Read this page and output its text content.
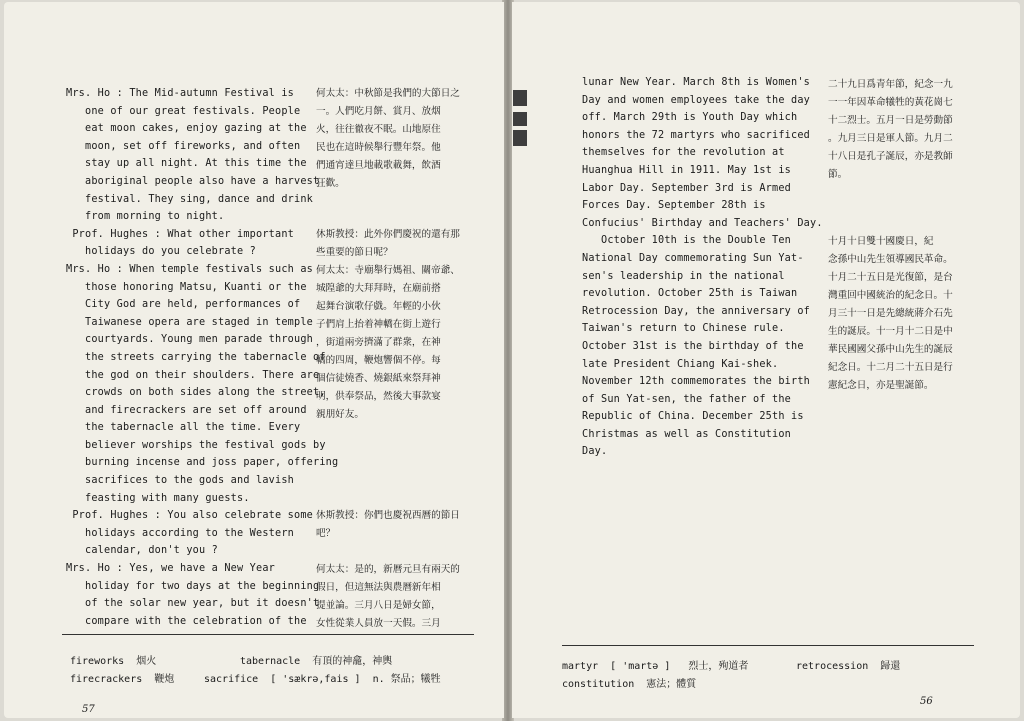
Mrs. Ho : The Mid-autumn Festival is
one of our great festivals. People
eat moon cakes, enjoy gazing at the
moon, set off fireworks, and often
stay up all night. At this time the
aboriginal people also have a harvest
festival. They sing, dance and drink
from morning to night.
Prof. Hughes : What other important
holidays do you celebrate ?
Mrs. Ho : When temple festivals such as
those honoring Matsu, Kuanti or the
City God are held, performances of
Taiwanese opera are staged in temple
courtyards. Young men parade through
the streets carrying the tabernacle of
the god on their shoulders. There are
crowds on both sides along the street,
and firecrackers are set off around
the tabernacle all the time. Every
believer worships the festival gods by
burning incense and joss paper, offering
sacrifices to the gods and lavish
feasting with many guests.
Prof. Hughes : You also celebrate some
holidays according to the Western
calendar, don't you ?
Mrs. Ho : Yes, we have a New Year
holiday for two days at the beginning
of the solar new year, but it doesn't
compare with the celebration of the
何太太：中秋節是我們的大節日之
一。人們吃月餅、賞月、放烟
火，往往徹夜不眠。山地原住
民也在這時候舉行豐年祭。他
們通宵達旦地載歌載舞，飲酒
狂歡。
休斯教授：此外你們慶祝的還有那
些重要的節日呢？
何太太：寺廟舉行媽祖、關帝爺、
城隍爺的大拜拜時，在廟前搭
起舞台演歌仔戲。年輕的小伙
子們肩上抬着神轎在街上遊行
，街道兩旁擠滿了群衆，在神
轎的四周，鞭炮響個不停。每
個信徒燒香、燒銀紙來祭拜神
明，供奉祭品，然後大事款宴
親朋好友。
休斯教授：你們也慶祝西曆的節日
吧？
何太太：是的，新曆元旦有兩天的
假日，但這無法與農曆新年相
提並論。三月八日是婦女節，
女性從業人員放一天假。三月
fireworks  烟火
firecrackers  鞭炮
tabernacle  有頂的神龕，神輿
sacrifice  [ 'sækrə,fais ]  n. 祭品；犧牲
57
lunar New Year. March 8th is Women's
Day and women employees take the day
off. March 29th is Youth Day which
honors the 72 martyrs who sacrificed
themselves for the revolution at
Huanghua Hill in 1911. May 1st is
Labor Day. September 3rd is Armed
Forces Day. September 28th is
Confucius' Birthday and Teachers' Day.
October 10th is the Double Ten
National Day commemorating Sun Yat-
sen's leadership in the national
revolution. October 25th is Taiwan
Retrocession Day, the anniversary of
Taiwan's return to Chinese rule.
October 31st is the birthday of the
late President Chiang Kai-shek.
November 12th commemorates the birth
of Sun Yat-sen, the father of the
Republic of China. December 25th is
Christmas as well as Constitution
Day.
二十九日爲青年節，紀念一九
一一年因革命犧牲的黃花崗七
十二烈士。五月一日是勞動節
。九月三日是軍人節。九月二
十八日是孔子誕辰，亦是教師
節。
十月十日雙十國慶日，紀
念孫中山先生領導國民革命。
十月二十五日是光復節，是台
灣重回中國統治的紀念日。十
月三十一日是先總統蔣介石先
生的誕辰。十一月十二日是中
華民國國父孫中山先生的誕辰
紀念日。十二月二十五日是行
憲紀念日，亦是聖誕節。
martyr  [ 'martə ]   烈士，殉道者	retrocession  歸還
constitution  憲法；體質
56
